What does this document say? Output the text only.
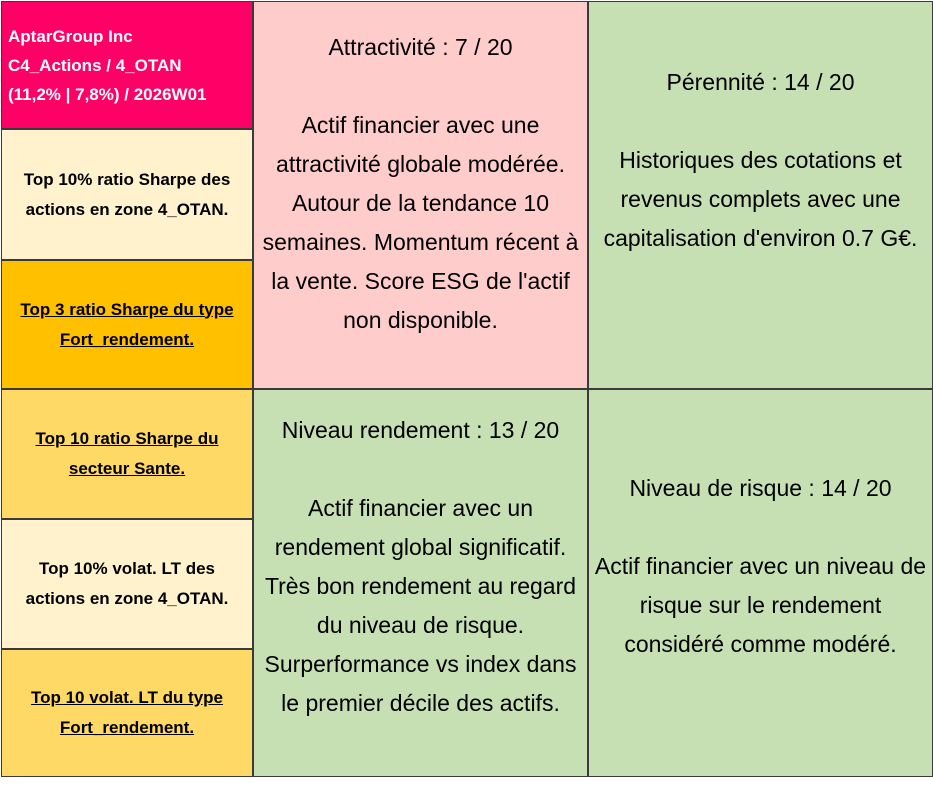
AptarGroup Inc
C4_Actions / 4_OTAN
(11,2% | 7,8%) / 2026W01
Top 10% ratio Sharpe des actions en zone 4_OTAN.
Top 3 ratio Sharpe du type Fort_rendement.
Top 10 ratio Sharpe du secteur Sante.
Top 10% volat. LT des actions en zone 4_OTAN.
Top 10 volat. LT du type Fort_rendement.
Attractivité : 7 / 20
Actif financier avec une attractivité globale modérée. Autour de la tendance 10 semaines. Momentum récent à la vente. Score ESG de l'actif non disponible.
Pérennité : 14 / 20
Historiques des cotations et revenus complets avec une capitalisation d'environ 0.7 G€.
Niveau rendement : 13 / 20
Actif financier avec un rendement global significatif. Très bon rendement au regard du niveau de risque. Surperformance vs index dans le premier décile des actifs.
Niveau de risque : 14 / 20
Actif financier avec un niveau de risque sur le rendement considéré comme modéré.
